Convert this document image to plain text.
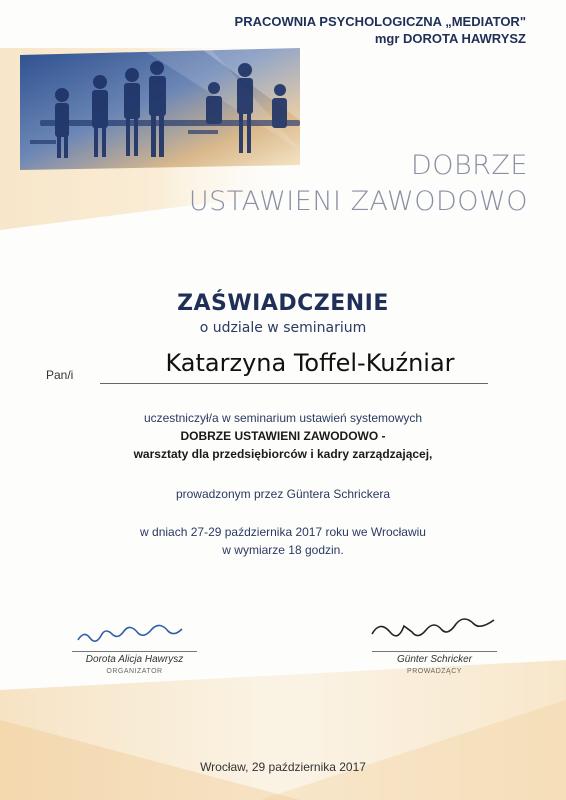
PRACOWNIA PSYCHOLOGICZNA „MEDIATOR"
mgr DOROTA HAWRYSZ
DOBRZE
USTAWIENI ZAWODOWO
ZAŚWIADCZENIE
o udziale w seminarium
Pan/i	Katarzyna Toffel-Kuźniar
uczestniczył/a w seminarium ustawień systemowych
DOBRZE USTAWIENI ZAWODOWO -
warsztaty dla przedsiębiorców i kadry zarządzającej,
prowadzonym przez Güntera Schrickera
w dniach 27-29 października 2017 roku we Wrocławiu
w wymiarze 18 godzin.
Dorota Alicja Hawrysz
ORGANIZATOR
Günter Schricker
PROWADZĄCY
Wrocław, 29 października 2017
